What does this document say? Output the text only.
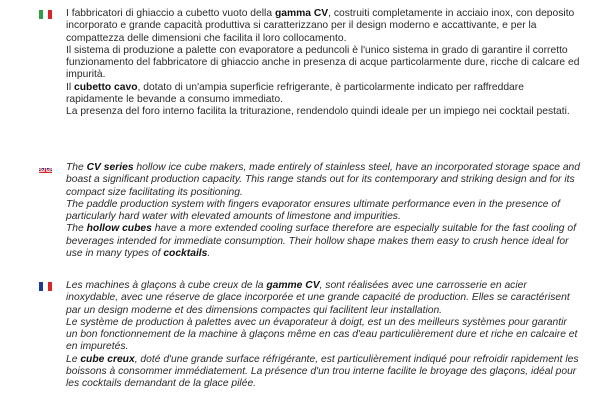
I fabbricatori di ghiaccio a cubetto vuoto della gamma CV, costruiti completamente in acciaio inox, con deposito incorporato e grande capacità produttiva si caratterizzano per il design moderno e accattivante, e per la compattezza delle dimensioni che facilita il loro collocamento.

Il sistema di produzione a palette con evaporatore a peduncoli è l'unico sistema in grado di garantire il corretto funzionamento del fabbricatore di ghiaccio anche in presenza di acque particolarmente dure, ricche di calcare ed impurità.

Il cubetto cavo, dotato di un'ampia superficie refrigerante, è particolarmente indicato per raffreddare rapidamente le bevande a consumo immediato.

La presenza del foro interno facilita la triturazione, rendendolo quindi ideale per un impiego nei cocktail pestati.

The CV series hollow ice cube makers, made entirely of stainless steel, have an incorporated storage space and boast a significant production capacity. This range stands out for its contemporary and striking design and for its compact size facilitating its positioning.

The paddle production system with fingers evaporator ensures ultimate performance even in the presence of particularly hard water with elevated amounts of limestone and impurities.

The hollow cubes have a more extended cooling surface therefore are especially suitable for the fast cooling of beverages intended for immediate consumption. Their hollow shape makes them easy to crush hence ideal for use in many types of cocktails.

Les machines à glaçons à cube creux de la gamme CV, sont réalisées avec une carrosserie en acier inoxydable, avec une réserve de glace incorporée et une grande capacité de production. Elles se caractérisent par un design moderne et des dimensions compactes qui facilitent leur installation.

Le système de production à palettes avec un évaporateur à doigt, est un des meilleurs systèmes pour garantir un bon fonctionnement de la machine à glaçons même en cas d'eau particulièrement dure et riche en calcaire et en impuretés.

Le cube creux, doté d'une grande surface réfrigérante, est particulièrement indiqué pour refroidir rapidement les boissons à consommer immédiatement. La présence d'un trou interne facilite le broyage des glaçons, idéal pour les cocktails demandant de la glace pilée.
